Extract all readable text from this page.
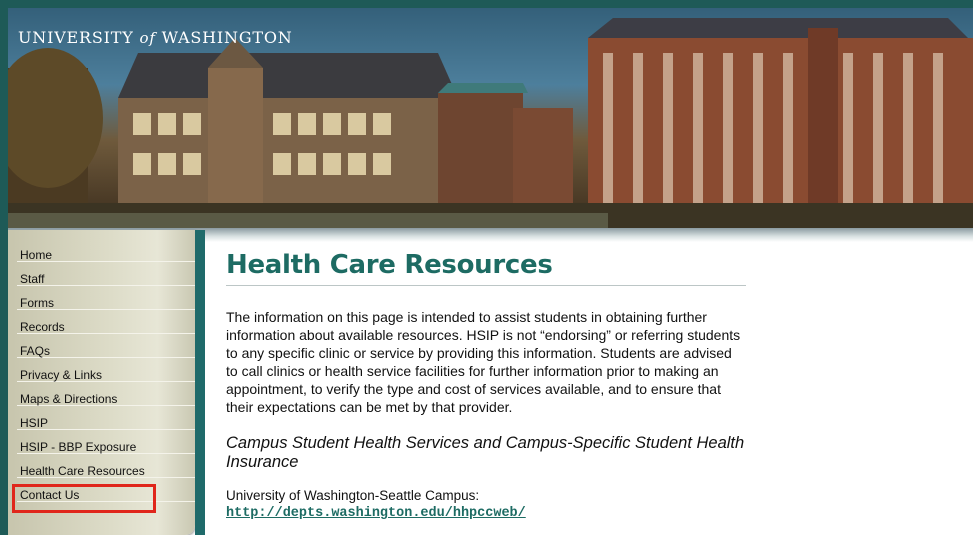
UNIVERSITY of WASHINGTON
Home
Staff
Forms
Records
FAQs
Privacy & Links
Maps & Directions
HSIP
HSIP - BBP Exposure
Health Care Resources
Contact Us
Health Care Resources

The information on this page is intended to assist students in obtaining further information about available resources. HSIP is not “endorsing” or referring students to any specific clinic or service by providing this information. Students are advised to call clinics or health service facilities for further information prior to making an appointment, to verify the type and cost of services available, and to ensure that their expectations can be met by that provider.

Campus Student Health Services and Campus-Specific Student Health Insurance

University of Washington-Seattle Campus:

http://depts.washington.edu/hhpccweb/
